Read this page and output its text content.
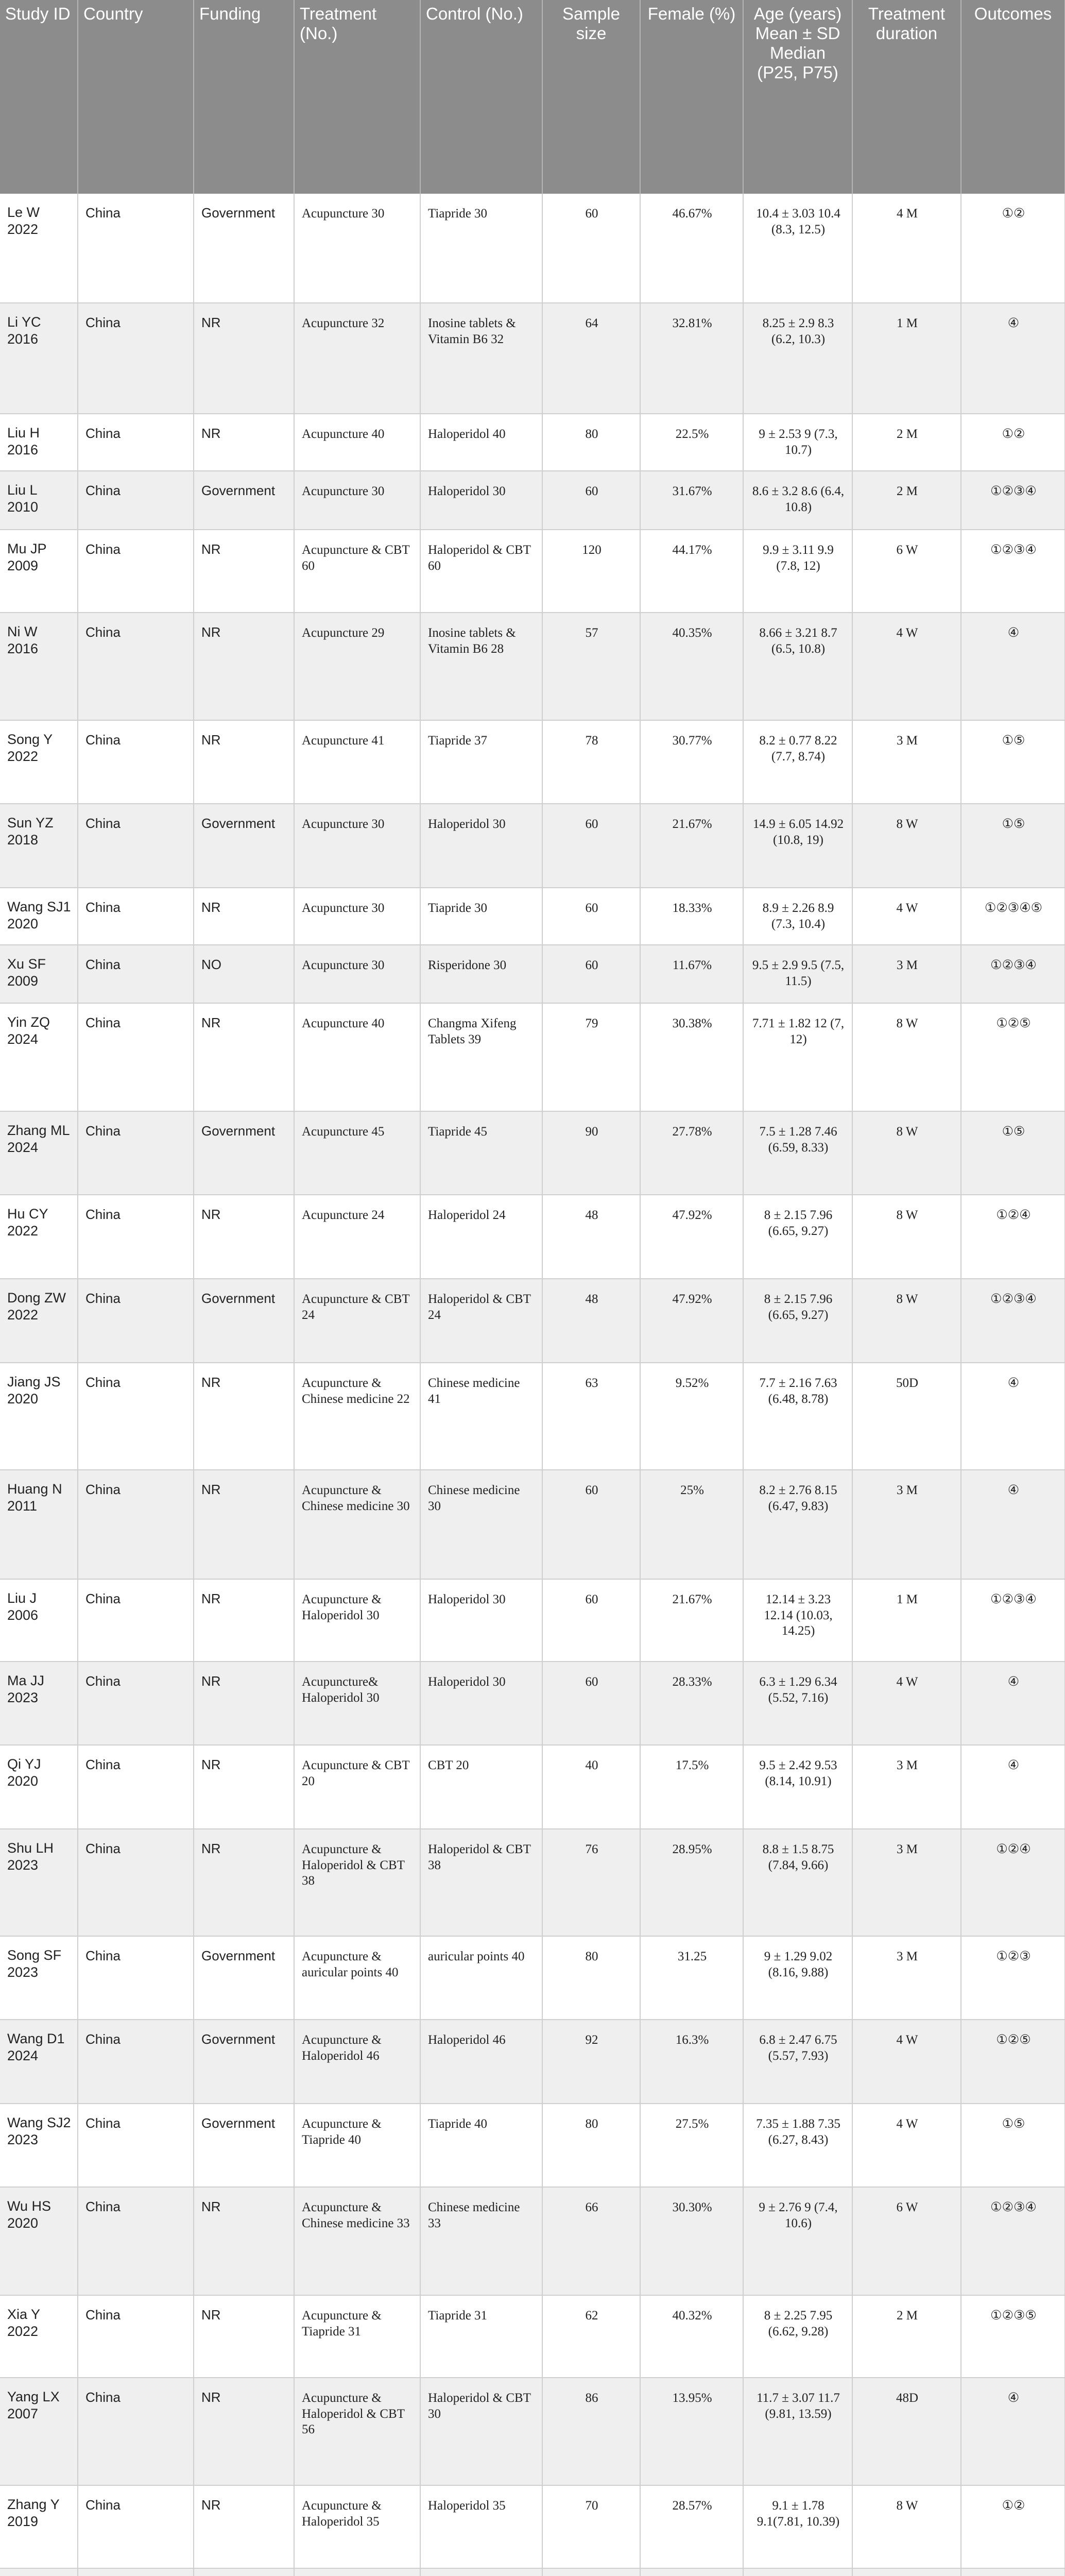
Study ID	Country	Funding	Treatment (No.)	Control (No.)	Sample size	Female (%)	Age (years) Mean ± SD Median (P25, P75)	Treatment duration	Outcomes
Le W 2022	China	Government	Acupuncture 30	Tiapride 30	60	46.67%	10.4 ± 3.03 10.4 (8.3, 12.5)	4 M	①②
Li YC 2016	China	NR	Acupuncture 32	Inosine tablets & Vitamin B6 32	64	32.81%	8.25 ± 2.9 8.3 (6.2, 10.3)	1 M	④
Liu H 2016	China	NR	Acupuncture 40	Haloperidol 40	80	22.5%	9 ± 2.53 9 (7.3, 10.7)	2 M	①②
Liu L 2010	China	Government	Acupuncture 30	Haloperidol 30	60	31.67%	8.6 ± 3.2 8.6 (6.4, 10.8)	2 M	①②③④
Mu JP 2009	China	NR	Acupuncture & CBT 60	Haloperidol & CBT 60	120	44.17%	9.9 ± 3.11 9.9 (7.8, 12)	6 W	①②③④
Ni W 2016	China	NR	Acupuncture 29	Inosine tablets & Vitamin B6 28	57	40.35%	8.66 ± 3.21 8.7 (6.5, 10.8)	4 W	④
Song Y 2022	China	NR	Acupuncture 41	Tiapride 37	78	30.77%	8.2 ± 0.77 8.22 (7.7, 8.74)	3 M	①⑤
Sun YZ 2018	China	Government	Acupuncture 30	Haloperidol 30	60	21.67%	14.9 ± 6.05 14.92 (10.8, 19)	8 W	①⑤
Wang SJ1 2020	China	NR	Acupuncture 30	Tiapride 30	60	18.33%	8.9 ± 2.26 8.9 (7.3, 10.4)	4 W	①②③④⑤
Xu SF 2009	China	NO	Acupuncture 30	Risperidone 30	60	11.67%	9.5 ± 2.9 9.5 (7.5, 11.5)	3 M	①②③④
Yin ZQ 2024	China	NR	Acupuncture 40	Changma Xifeng Tablets 39	79	30.38%	7.71 ± 1.82 12 (7, 12)	8 W	①②⑤
Zhang ML 2024	China	Government	Acupuncture 45	Tiapride 45	90	27.78%	7.5 ± 1.28 7.46 (6.59, 8.33)	8 W	①⑤
Hu CY 2022	China	NR	Acupuncture 24	Haloperidol 24	48	47.92%	8 ± 2.15 7.96 (6.65, 9.27)	8 W	①②④
Dong ZW 2022	China	Government	Acupuncture & CBT 24	Haloperidol & CBT 24	48	47.92%	8 ± 2.15 7.96 (6.65, 9.27)	8 W	①②③④
Jiang JS 2020	China	NR	Acupuncture & Chinese medicine 22	Chinese medicine 41	63	9.52%	7.7 ± 2.16 7.63 (6.48, 8.78)	50D	④
Huang N 2011	China	NR	Acupuncture & Chinese medicine 30	Chinese medicine 30	60	25%	8.2 ± 2.76 8.15 (6.47, 9.83)	3 M	④
Liu J 2006	China	NR	Acupuncture & Haloperidol 30	Haloperidol 30	60	21.67%	12.14 ± 3.23 12.14 (10.03, 14.25)	1 M	①②③④
Ma JJ 2023	China	NR	Acupuncture& Haloperidol 30	Haloperidol 30	60	28.33%	6.3 ± 1.29 6.34 (5.52, 7.16)	4 W	④
Qi YJ 2020	China	NR	Acupuncture & CBT 20	CBT 20	40	17.5%	9.5 ± 2.42 9.53 (8.14, 10.91)	3 M	④
Shu LH 2023	China	NR	Acupuncture & Haloperidol & CBT 38	Haloperidol & CBT 38	76	28.95%	8.8 ± 1.5 8.75 (7.84, 9.66)	3 M	①②④
Song SF 2023	China	Government	Acupuncture & auricular points 40	auricular points 40	80	31.25	9 ± 1.29 9.02 (8.16, 9.88)	3 M	①②③
Wang D1 2024	China	Government	Acupuncture & Haloperidol 46	Haloperidol 46	92	16.3%	6.8 ± 2.47 6.75 (5.57, 7.93)	4 W	①②⑤
Wang SJ2 2023	China	Government	Acupuncture & Tiapride 40	Tiapride 40	80	27.5%	7.35 ± 1.88 7.35 (6.27, 8.43)	4 W	①⑤
Wu HS 2020	China	NR	Acupuncture & Chinese medicine 33	Chinese medicine 33	66	30.30%	9 ± 2.76 9 (7.4, 10.6)	6 W	①②③④
Xia Y 2022	China	NR	Acupuncture & Tiapride 31	Tiapride 31	62	40.32%	8 ± 2.25 7.95 (6.62, 9.28)	2 M	①②③⑤
Yang LX 2007	China	NR	Acupuncture & Haloperidol & CBT 56	Haloperidol & CBT 30	86	13.95%	11.7 ± 3.07 11.7 (9.81, 13.59)	48D	④
Zhang Y 2019	China	NR	Acupuncture & Haloperidol 35	Haloperidol 35	70	28.57%	9.1 ± 1.78 9.1(7.81, 10.39)	8 W	①②
